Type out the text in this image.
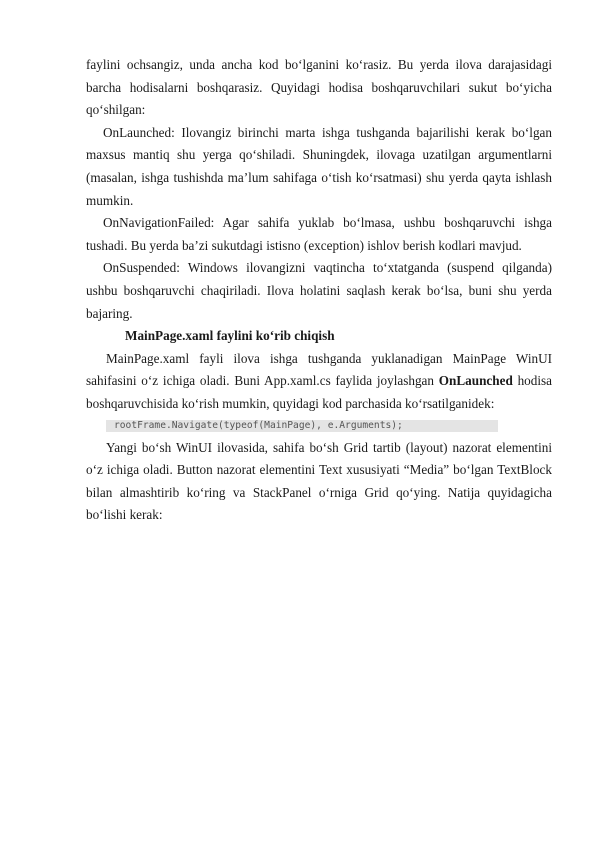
faylini ochsangiz, unda ancha kod bo‘lganini ko‘rasiz. Bu yerda ilova darajasidagi barcha hodisalarni boshqarasiz. Quyidagi hodisa boshqaruvchilari sukut bo‘yicha qo‘shilgan:

OnLaunched: Ilovangiz birinchi marta ishga tushganda bajarilishi kerak bo‘lgan maxsus mantiq shu yerga qo‘shiladi. Shuningdek, ilovaga uzatilgan argumentlarni (masalan, ishga tushishda ma’lum sahifaga o‘tish ko‘rsatmasi) shu yerda qayta ishlash mumkin.

OnNavigationFailed: Agar sahifa yuklab bo‘lmasa, ushbu boshqaruvchi ishga tushadi. Bu yerda ba’zi sukutdagi istisno (exception) ishlov berish kodlari mavjud.

OnSuspended: Windows ilovangizni vaqtincha to‘xtatganda (suspend qilganda) ushbu boshqaruvchi chaqiriladi. Ilova holatini saqlash kerak bo‘lsa, buni shu yerda bajaring.

MainPage.xaml faylini ko‘rib chiqish

MainPage.xaml fayli ilova ishga tushganda yuklanadigan MainPage WinUI sahifasini o‘z ichiga oladi. Buni App.xaml.cs faylida joylashgan OnLaunched hodisa boshqaruvchisida ko‘rish mumkin, quyidagi kod parchasida ko‘rsatilganidek:

rootFrame.Navigate(typeof(MainPage), e.Arguments);

Yangi bo‘sh WinUI ilovasida, sahifa bo‘sh Grid tartib (layout) nazorat elementini o‘z ichiga oladi. Button nazorat elementini Text xususiyati “Media” bo‘lgan TextBlock bilan almashtirib ko‘ring va StackPanel o‘rniga Grid qo‘ying. Natija quyidagicha bo‘lishi kerak:
